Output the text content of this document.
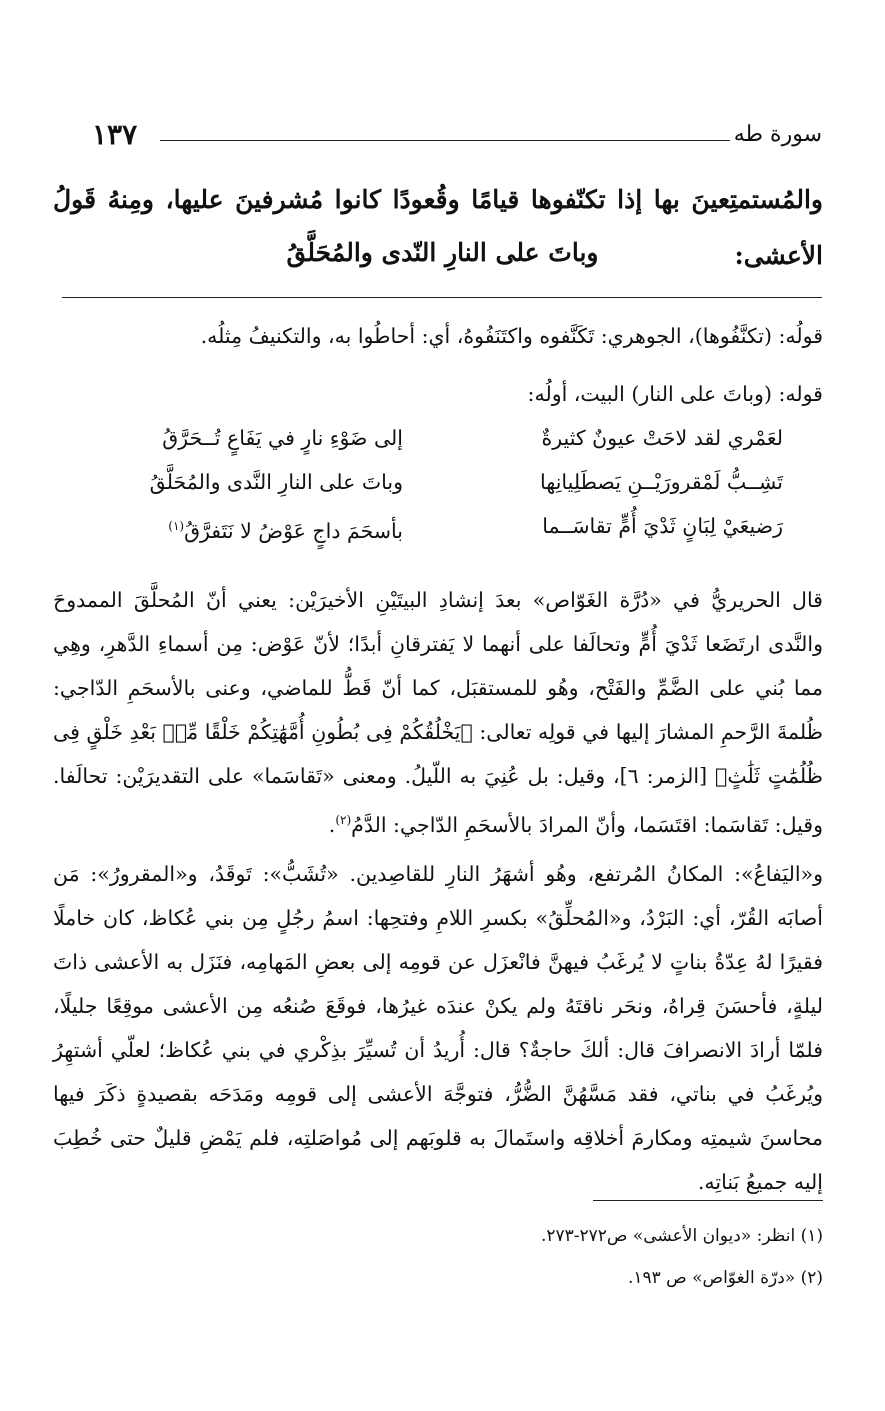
١٣٧	سورة طه
والمُستمتِعينَ بها إذا تكنّفوها قيامًا وقُعودًا كانوا مُشرفينَ عليها، ومِنهُ قَولُ الأعشى:
وباتَ على النارِ النّدى والمُحَلَّقُ
قولُه: (تكنَّفُوها)، الجوهري: تَكَنَّفوه واكتَنَفُوهُ، أي: أحاطُوا به، والتكنيفُ مِثلُه.
قوله: (وباتَ على النار) البيت، أولُه:
لعَمْري لقد لاحَتْ عيونٌ كثيرةٌ
إلى ضَوْءِ نارٍ في يَفَاعٍ تُــحَرَّقُ
تَشِــبُّ لَمْقرورَيْــنِ يَصطَلِيانِها
وباتَ على النارِ النَّدى والمُحَلَّقُ
رَضيعَيْ لِبَانٍ ثَدْيَ أُمٍّ تقاسَــما
بأسحَمَ داجٍ عَوْضُ لا نَتَفرَّقُ$^{(١)}$
قال الحريريُّ في «دُرَّة الغَوّاص» بعدَ إنشادِ البيتَيْنِ الأخيرَيْن: يعني أنّ المُحلَّقَ الممدوحَ والنَّدى ارتَضَعا ثَدْيَ أُمٍّ وتحالَفا على أنهما لا يَفترقانِ أبدًا؛ لأنّ عَوْض: مِن أسماءِ الدَّهرِ، وهِي مما بُني على الضَّمِّ والفَتْح، وهُو للمستقبَل، كما أنّ قَطُّ للماضي، وعنى بالأسحَمِ الدّاجي: ظُلمةَ الرَّحمِ المشارَ إليها في قولِه تعالى: ﴿يَخْلُقُكُمْ فِى بُطُونِ أُمَّهَٰتِكُمْ خَلْقًا مِّنۢ بَعْدِ خَلْقٍ فِى ظُلُمَٰتٍ ثَلَٰثٍ﴾ [الزمر: ٦]، وقيل: بل عُنِيَ به اللّيلُ. ومعنى «تَقاسَما» على التقديرَيْن: تحالَفا. وقيل: تَقاسَما: اقتَسَما، وأنّ المرادَ بالأسحَمِ الدّاجي: الدَّمُ$^{(٢)}$.
و«اليَفاعُ»: المكانُ المُرتفع، وهُو أشهَرُ النارِ للقاصِدين. «تُشَبُّ»: تَوقَدُ، و«المقرورُ»: مَن أصابَه القُرّ، أي: البَرْدُ، و«المُحلِّقُ» بكسرِ اللامِ وفتحِها: اسمُ رجُلٍ مِن بني عُكاظ، كان خاملًا فقيرًا لهُ عِدّةُ بناتٍ لا يُرغَبُ فيهنَّ فانْعزَل عن قومِه إلى بعضِ المَهامِه، فنَزَل به الأعشى ذاتَ ليلةٍ، فأحسَنَ قِراهُ، ونحَر ناقتَهُ ولم يكنْ عندَه غيرُها، فوقَعَ صُنعُه مِن الأعشى موقِعًا جليلًا، فلمّا أرادَ الانصرافَ قال: ألكَ حاجةٌ؟ قال: أُريدُ أن تُسيِّرَ بذِكْري في بني عُكاظ؛ لعلّي أشتهِرُ ويُرغَبُ في بناتي، فقد مَسَّهُنَّ الضُّرُّ، فتوجَّهَ الأعشى إلى قومِه ومَدَحَه بقصيدةٍ ذكَرَ فيها محاسنَ شيمتِه ومكارمَ أخلاقِه واستَمالَ به قلوبَهم إلى مُواصَلتِه، فلم يَمْضِ قليلٌ حتى خُطِبَ إليه جميعُ بَناتِه.
(١) انظر: «ديوان الأعشى» ص٢٧٢-٢٧٣.
(٢) «درّة الغوّاص» ص ١٩٣.
